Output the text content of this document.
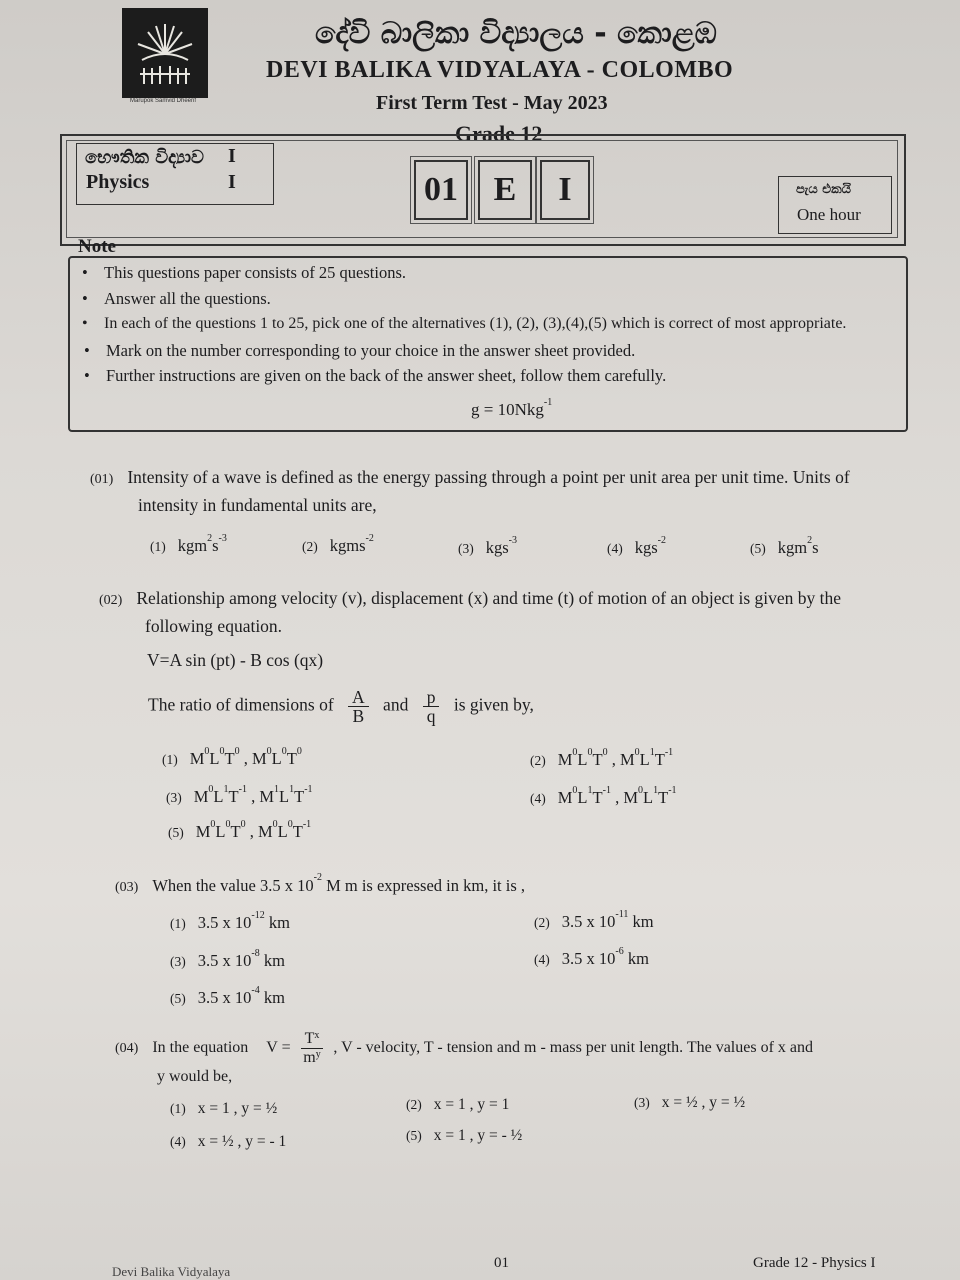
Marupok Samvid Dheerif
දේවි බාලිකා විද්‍යාලය - කොළඹ
DEVI BALIKA VIDYALAYA - COLOMBO
First Term Test - May 2023
Grade 12
භෞතික විද්‍යාව I
Physics	I	01	E	I	පැය එකයි
One hour
Note
• This questions paper consists of 25 questions.
• Answer all the questions.
• In each of the questions 1 to 25, pick one of the alternatives (1), (2), (3),(4),(5) which is correct of most appropriate.
• Mark on the number corresponding to your choice in the answer sheet provided.
• Further instructions are given on the back of the answer sheet, follow them carefully.
g = 10Nkg$^{-1}$
(01) Intensity of a wave is defined as the energy passing through a point per unit area per unit time. Units of
intensity in fundamental units are,
(1) $kgm^2s^{-3}$
(2) kgms$^{-2}$
(3) kgs$^{-3}$
(4) kgs$^{-2}$
(5) kgm$^2$s
(02) Relationship among velocity (v), displacement (x) and time (t) of motion of an object is given by the
following equation.
V=A sin (pt) - B cos (qx)
The ratio of dimensions of $\frac{A}{B}$ and $\frac{p}{q}$ is given by,
(1) $M^0L^0T^0$ , $M^0L^0T^0$
(2) $M^0L^0T^0$ , $M^0L^1T^{-1}$
(3) $M^0L^1T^{-1}$ , $M^1L^1T^{-1}$
(4) $M^0L^1T^{-1}$ , $M^0L^1T^{-1}$
(5) $M^0L^0T^0$ , $M^0L^0T^{-1}$
(03) When the value 3.5 x $10^{-2}$ M m is expressed in km, it is ,
(1) 3.5 x $10^{-12}$ km	(2) 3.5 x $10^{-11}$ km
(3) 3.5 x $10^{-8}$ km	(4) 3.5 x $10^{-6}$ km
(5) 3.5 x $10^{-4}$ km
(04) In the equation $V = \frac{T^x}{m^y}$ , V - velocity, T - tension and m - mass per unit length. The values of x and
y would be,
(1) x = 1 , y = ½	(2) x = 1 , y = 1	(3) x = ½ , y = ½
(4) x = ½ , y = - 1	(5) x = 1 , y = - ½
Devi Balika Vidyalaya
01	Grade 12 - Physics I
